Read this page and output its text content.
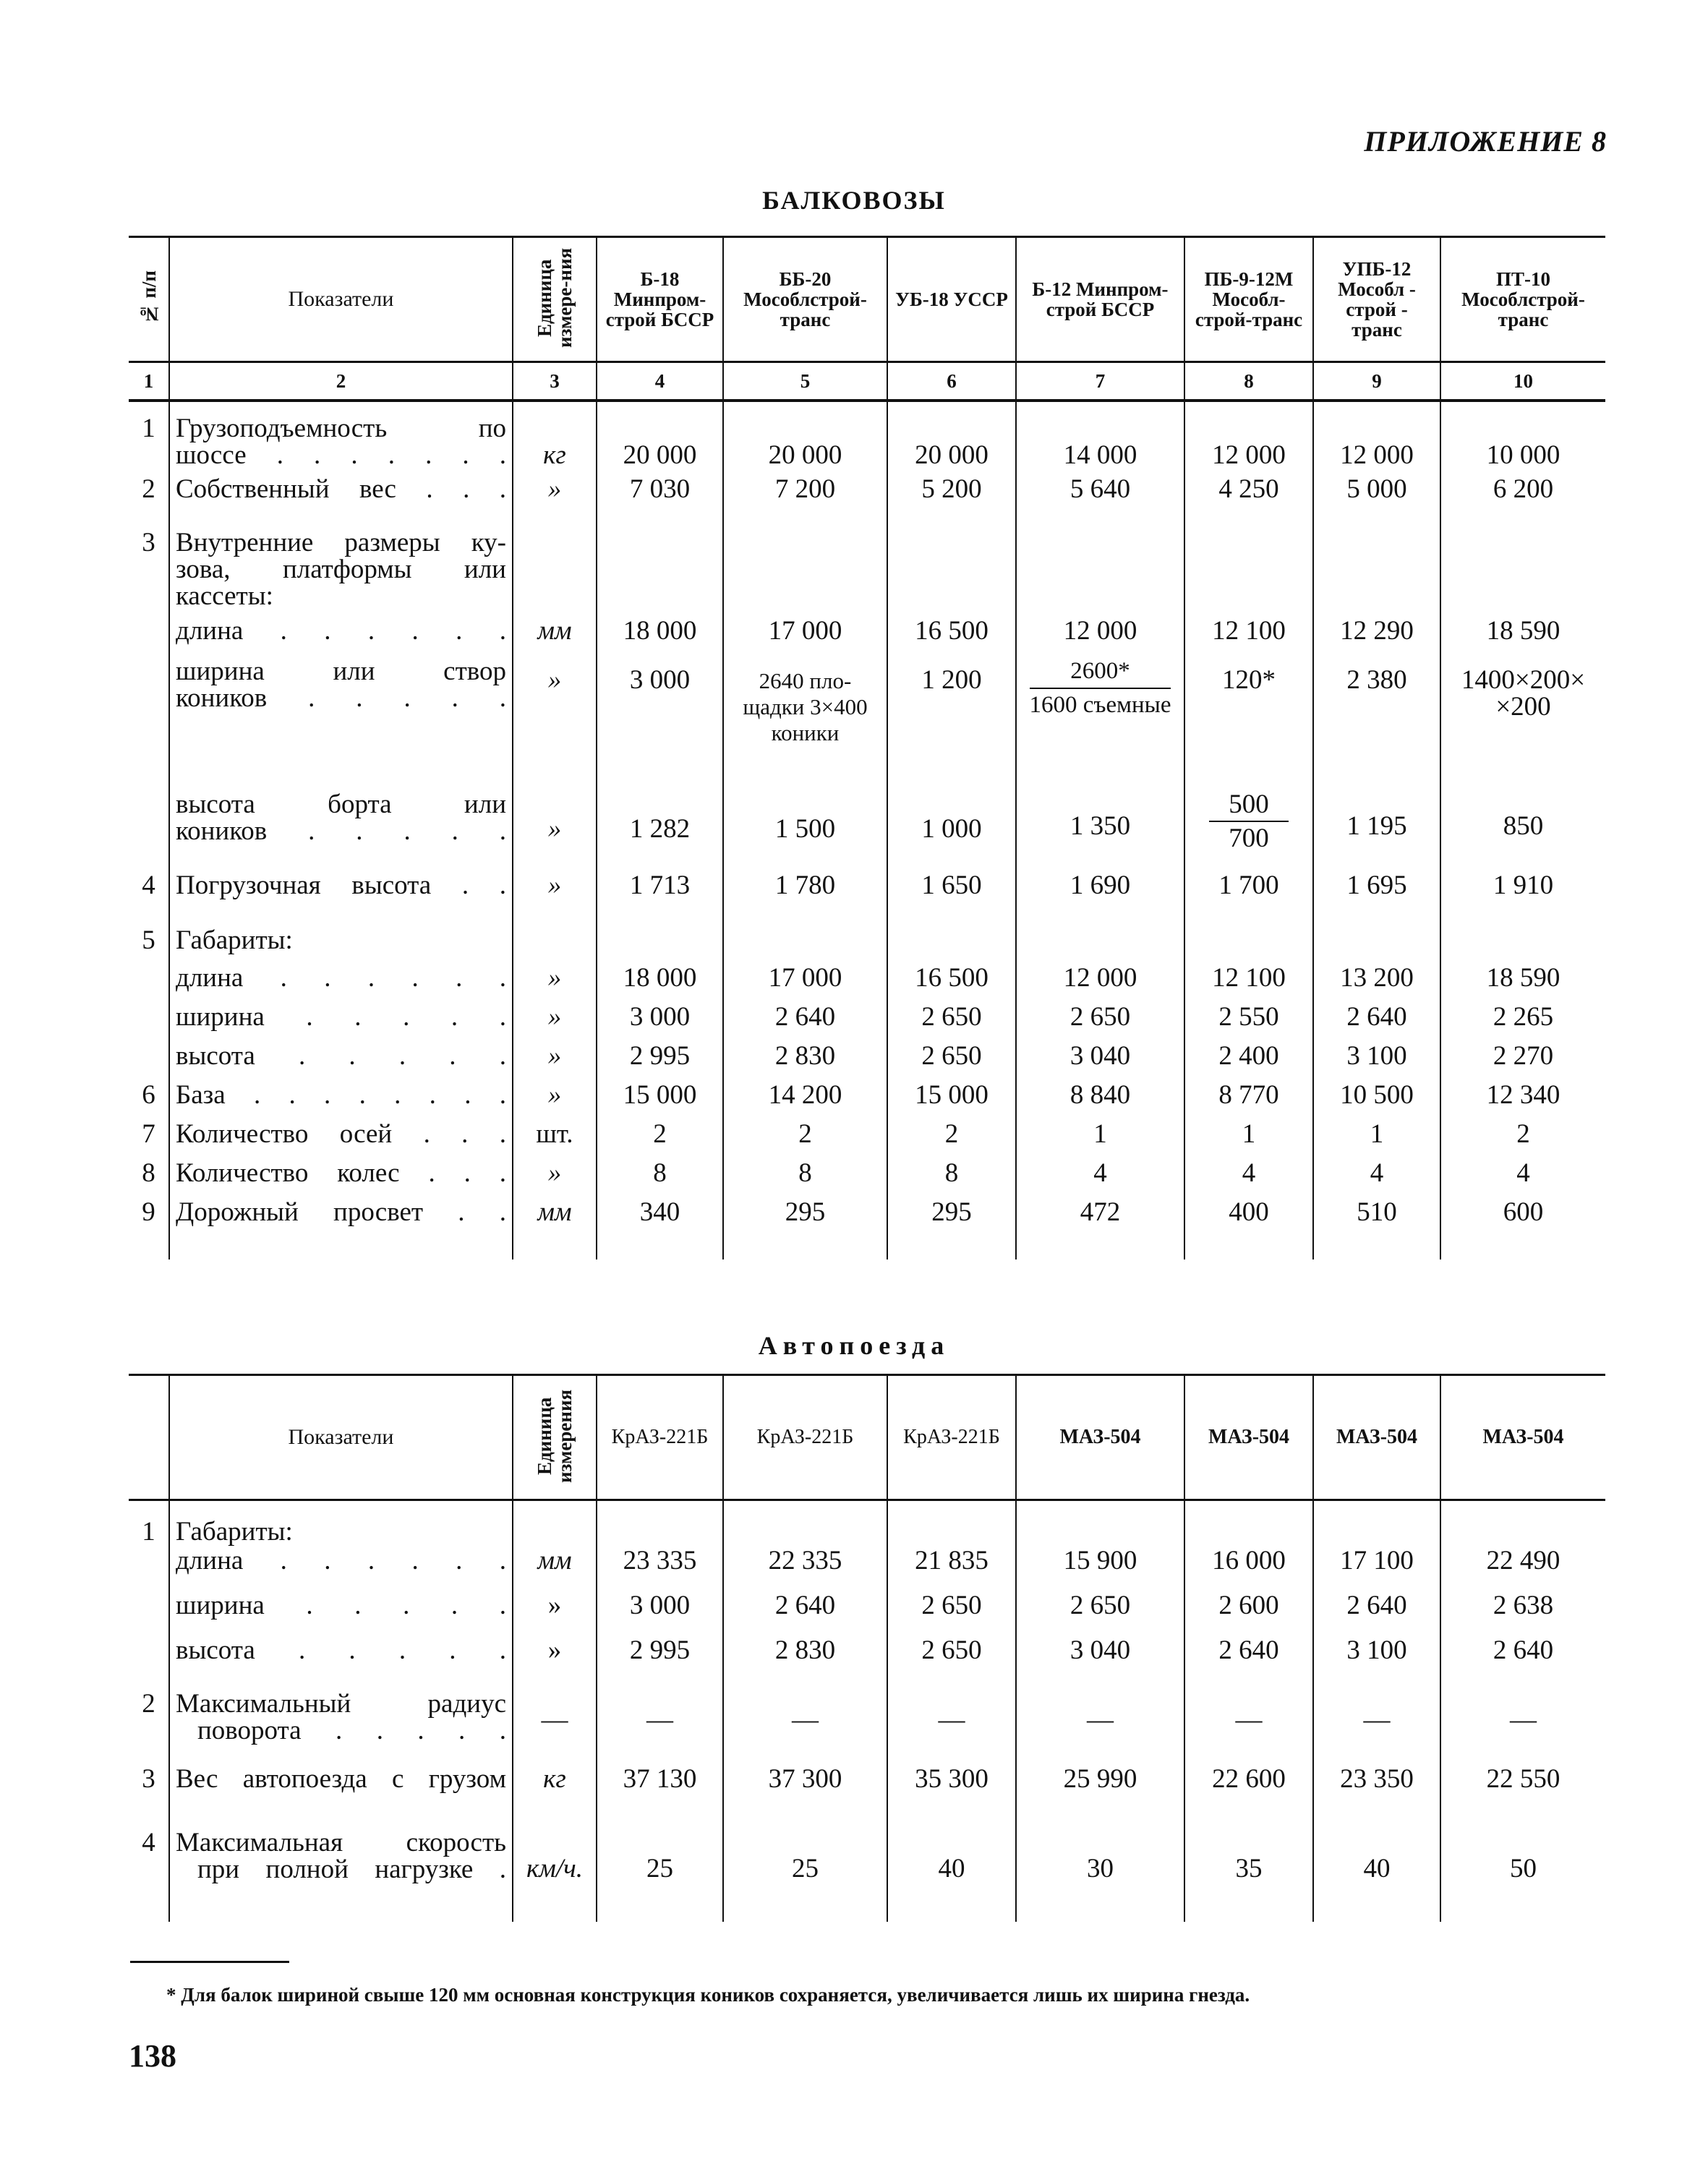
ПРИЛОЖЕНИЕ 8
БАЛКОВОЗЫ
№ п/п	Показатели	Единица измере-ния	Б-18 Минпром-строй БССР	ББ-20 Мособлстрой-транс	УБ-18 УССР	Б-12 Минпром-строй БССР	ПБ-9-12М Мособл-строй-транс	УПБ-12 Мособл - строй - транс	ПТ-10 Мособлстрой-транс
1	2	3	4	5	6	7	8	9	10

1	Грузоподъемность по
шоссе . . . . . . .	кг	20 000	20 000	20 000	14 000	12 000	12 000	10 000
2	Собственный вес . . .	»	7 030	7 200	5 200	5 640	4 250	5 000	6 200
3	Внутренние размеры ку-
зова, платформы или
кассеты:								

	длина . . . . . .	мм	18 000	17 000	16 500	12 000	12 100	12 290	18 590

	ширина или створ
коников . . . . .	»	3 000	2640 пло-щадки 3×400 коники	1 200	$\frac{2600*}{\text{1600 съемные}}$	120*	2 380	1400×200× ×200

	высота борта или
коников . . . . .	»	1 282	1 500	1 000	1 350	$\frac{500}{700}$	1 195	850
4	Погрузочная высота . .	»	1 713	1 780	1 650	1 690	1 700	1 695	1 910
5	Габариты:								

	длина . . . . . .	»	18 000	17 000	16 500	12 000	12 100	13 200	18 590

	ширина . . . . .	»	3 000	2 640	2 650	2 650	2 550	2 640	2 265

	высота . . . . .	»	2 995	2 830	2 650	3 040	2 400	3 100	2 270
6	База . . . . . . . .	»	15 000	14 200	15 000	8 840	8 770	10 500	12 340
7	Количество осей . . .	шт.	2	2	2	1	1	1	2
8	Количество колес . . .	»	8	8	8	4	4	4	4
9	Дорожный просвет . .	мм	340	295	295	472	400	510	600
Автопоезда
	Показатели	Единица измерения	КрАЗ-221Б	КрАЗ-221Б	КрАЗ-221Б	МАЗ-504	МАЗ-504	МАЗ-504	МАЗ-504

1	Габариты:								

	длина . . . . . .	мм	23 335	22 335	21 835	15 900	16 000	17 100	22 490

	ширина . . . . .	»	3 000	2 640	2 650	2 650	2 600	2 640	2 638

	высота . . . . .	»	2 995	2 830	2 650	3 040	2 640	3 100	2 640
2	Максимальный радиус
поворота . . . . .	—	—	—	—	—	—	—	—
3	Вес автопоезда с грузом	кг	37 130	37 300	35 300	25 990	22 600	23 350	22 550
4	Максимальная скорость
при полной нагрузке .	км/ч.	25	25	40	30	35	40	50
* Для балок шириной свыше 120 мм основная конструкция коников сохраняется, увеличивается лишь их ширина гнезда.
138
